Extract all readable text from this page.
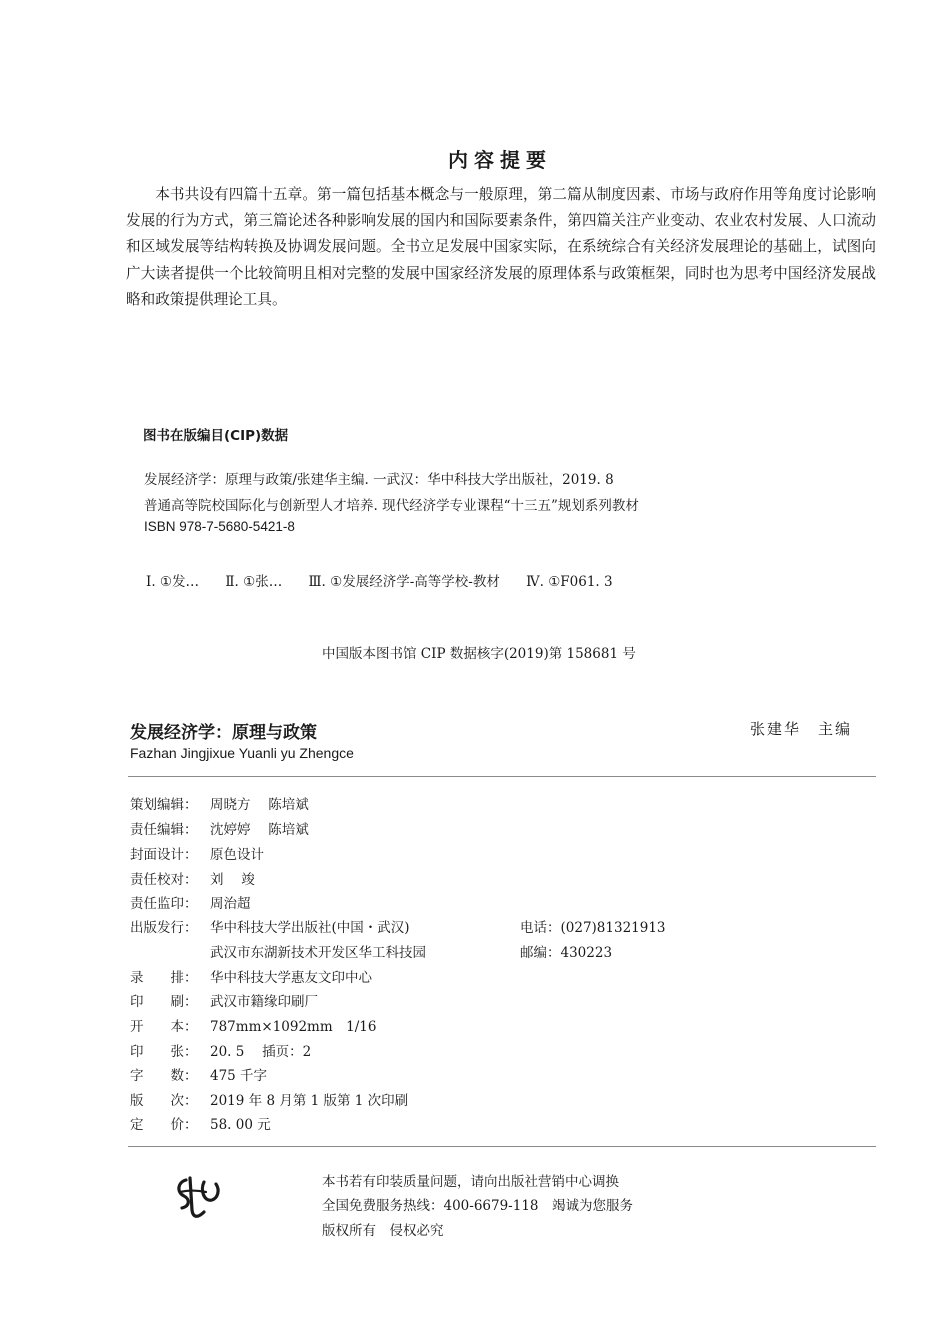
内容提要
本书共设有四篇十五章。第一篇包括基本概念与一般原理，第二篇从制度因素、市场与政府作用等角度讨论影响发展的行为方式，第三篇论述各种影响发展的国内和国际要素条件，第四篇关注产业变动、农业农村发展、人口流动和区域发展等结构转换及协调发展问题。全书立足发展中国家实际，在系统综合有关经济发展理论的基础上，试图向广大读者提供一个比较简明且相对完整的发展中国家经济发展的原理体系与政策框架，同时也为思考中国经济发展战略和政策提供理论工具。
图书在版编目(CIP)数据
发展经济学：原理与政策/张建华主编. 一武汉：华中科技大学出版社，2019. 8
普通高等院校国际化与创新型人才培养. 现代经济学专业课程“十三五”规划系列教材
ISBN 978-7-5680-5421-8
Ⅰ. ①发… Ⅱ. ①张… Ⅲ. ①发展经济学-高等学校-教材 Ⅳ. ①F061. 3
中国版本图书馆 CIP 数据核字(2019)第 158681 号
发展经济学：原理与政策
Fazhan Jingjixue Yuanli yu Zhengce
张建华　主编
策划编辑： 周晓方　 陈培斌
责任编辑： 沈婷婷　 陈培斌
封面设计： 原色设计
责任校对： 刘　 竣
责任监印： 周治超
出版发行： 华中科技大学出版社(中国・武汉)	电话：(027)81321913
武汉市东湖新技术开发区华工科技园	邮编：430223
录　　排： 华中科技大学惠友文印中心
印　　刷： 武汉市籍缘印刷厂
开　　本： 787mm×1092mm　1/16
印　　张： 20. 5　 插页：2
字　　数： 475 千字
版　　次： 2019 年 8 月第 1 版第 1 次印刷
定　　价： 58. 00 元
本书若有印装质量问题，请向出版社营销中心调换
全国免费服务热线：400-6679-118　竭诚为您服务
版权所有　侵权必究
